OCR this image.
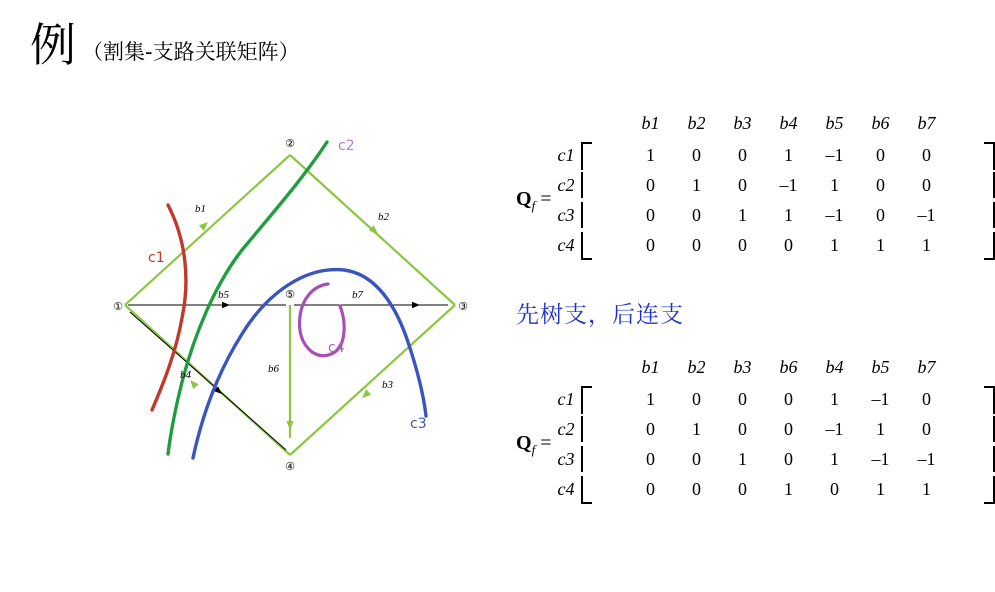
例 （割集-支路关联矩阵）
①
②
③
④
⑤
b1
b2
b3
b4
b5
b6
b7
c1
c2
c3
c4
$Q_f$ =
		b1	b2	b3	b4	b5	b6	b7	
c1		1	0	0	1	–1	0	0	

c2		0	1	0	–1	1	0	0	

c3		0	0	1	1	–1	0	–1	

c4		0	0	0	0	1	1	1	
先树支，后连支
$Q_f$ =
		b1	b2	b3	b6	b4	b5	b7	
c1		1	0	0	0	1	–1	0	

c2		0	1	0	0	–1	1	0	

c3		0	0	1	0	1	–1	–1	

c4		0	0	0	1	0	1	1	
